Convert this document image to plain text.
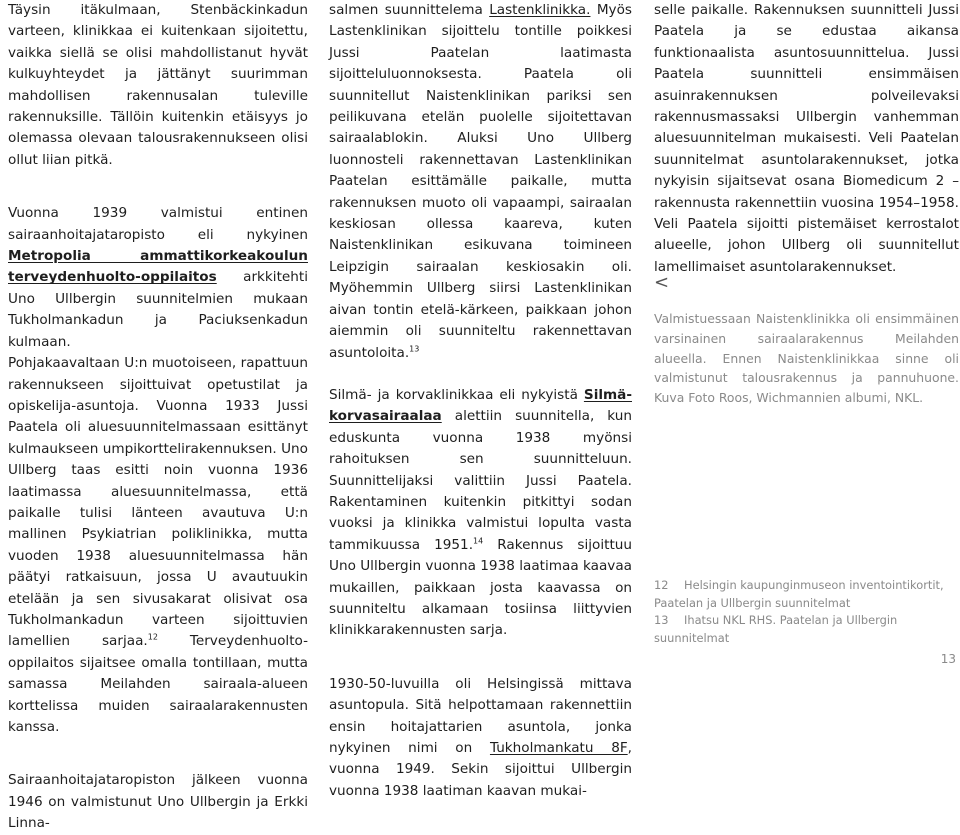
Täysin itäkulmaan, Stenbäckinkadun varteen, klinikkaa ei kuitenkaan sijoitettu, vaikka siellä se olisi mahdollistanut hyvät kulkuyhteydet ja jättänyt suurimman mahdollisen rakennusalan tuleville rakennuksille. Tällöin kuitenkin etäisyys jo olemassa olevaan talousrakennukseen olisi ollut liian pitkä.

Vuonna 1939 valmistui entinen sairaanhoitajataropisto eli nykyinen Metropolia ammattikorkeakoulun terveydenhuolto-oppilaitos arkkitehti Uno Ullbergin suunnitelmien mukaan Tukholmankadun ja Paciuksenkadun kulmaan.

Pohjakaavaltaan U:n muotoiseen, rapattuun rakennukseen sijoittuivat opetustilat ja opiskelija-asuntoja. Vuonna 1933 Jussi Paatela oli aluesuunnitelmassaan esittänyt kulmaukseen umpikorttelirakennuksen. Uno Ullberg taas esitti noin vuonna 1936 laatimassa aluesuunnitelmassa, että paikalle tulisi länteen avautuva U:n mallinen Psykiatrian poliklinikka, mutta vuoden 1938 aluesuunnitelmassa hän päätyi ratkaisuun, jossa U avautuukin etelään ja sen sivusakarat olisivat osa Tukholmankadun varteen sijoittuvien lamellien sarjaa.$^{12}$ Terveydenhuolto-oppilaitos sijaitsee omalla tontillaan, mutta samassa Meilahden sairaala-alueen korttelissa muiden sairaalarakennusten kanssa.

Sairaanhoitajataropiston jälkeen vuonna 1946 on valmistunut Uno Ullbergin ja Erkki Linna-

salmen suunnittelema Lastenklinikka. Myös Lastenklinikan sijoittelu tontille poikkesi Jussi Paatelan laatimasta sijoitteluluonnoksesta. Paatela oli suunnitellut Naistenklinikan pariksi sen peilikuvana etelän puolelle sijoitettavan sairaalablokin. Aluksi Uno Ullberg luonnosteli rakennettavan Lastenklinikan Paatelan esittämälle paikalle, mutta rakennuksen muoto oli vapaampi, sairaalan keskiosan ollessa kaareva, kuten Naistenklinikan esikuvana toimineen Leipzigin sairaalan keskiosakin oli. Myöhemmin Ullberg siirsi Lastenklinikan aivan tontin etelä-kärkeen, paikkaan johon aiemmin oli suunniteltu rakennettavan asuntoloita.$^{13}$

Silmä- ja korvaklinikkaa eli nykyistä Silmä-korvasairaalaa alettiin suunnitella, kun eduskunta vuonna 1938 myönsi rahoituksen sen suunnitteluun. Suunnittelijaksi valittiin Jussi Paatela. Rakentaminen kuitenkin pitkittyi sodan vuoksi ja klinikka valmistui lopulta vasta tammikuussa 1951.14 Rakennus sijoittuu Uno Ullbergin vuonna 1938 laatimaa kaavaa mukaillen, paikkaan josta kaavassa on suunniteltu alkamaan tosiinsa liittyvien klinikkarakennusten sarja.

1930-50-luvuilla oli Helsingissä mittava asuntopula. Sitä helpottamaan rakennettiin ensin hoitajattarien asuntola, jonka nykyinen nimi on Tukholmankatu 8F, vuonna 1949. Sekin sijoittui Ullbergin vuonna 1938 laatiman kaavan mukai-

selle paikalle. Rakennuksen suunnitteli Jussi Paatela ja se edustaa aikansa funktionaalista asuntosuunnittelua. Jussi Paatela suunnitteli ensimmäisen asuinrakennuksen polveilevaksi rakennusmassaksi Ullbergin vanhemman aluesuunnitelman mukaisesti. Veli Paatelan suunnitelmat asuntolarakennukset, jotka nykyisin sijaitsevat osana Biomedicum 2 – rakennusta rakennettiin vuosina 1954–1958. Veli Paatela sijoitti pistemäiset kerrostalot alueelle, johon Ullberg oli suunnitellut lamellimaiset asuntolarakennukset.

<

Valmistuessaan Naistenklinikka oli ensimmäinen varsinainen sairaalarakennus Meilahden alueella. Ennen Naistenklinikkaa sinne oli valmistunut talousrakennus ja pannuhuone. Kuva Foto Roos, Wichmannien albumi, NKL.

12 Helsingin kaupunginmuseon inventointikortit, Paatelan ja Ullbergin suunnitelmat

13 Ihatsu NKL RHS. Paatelan ja Ullbergin suunnitelmat

13
